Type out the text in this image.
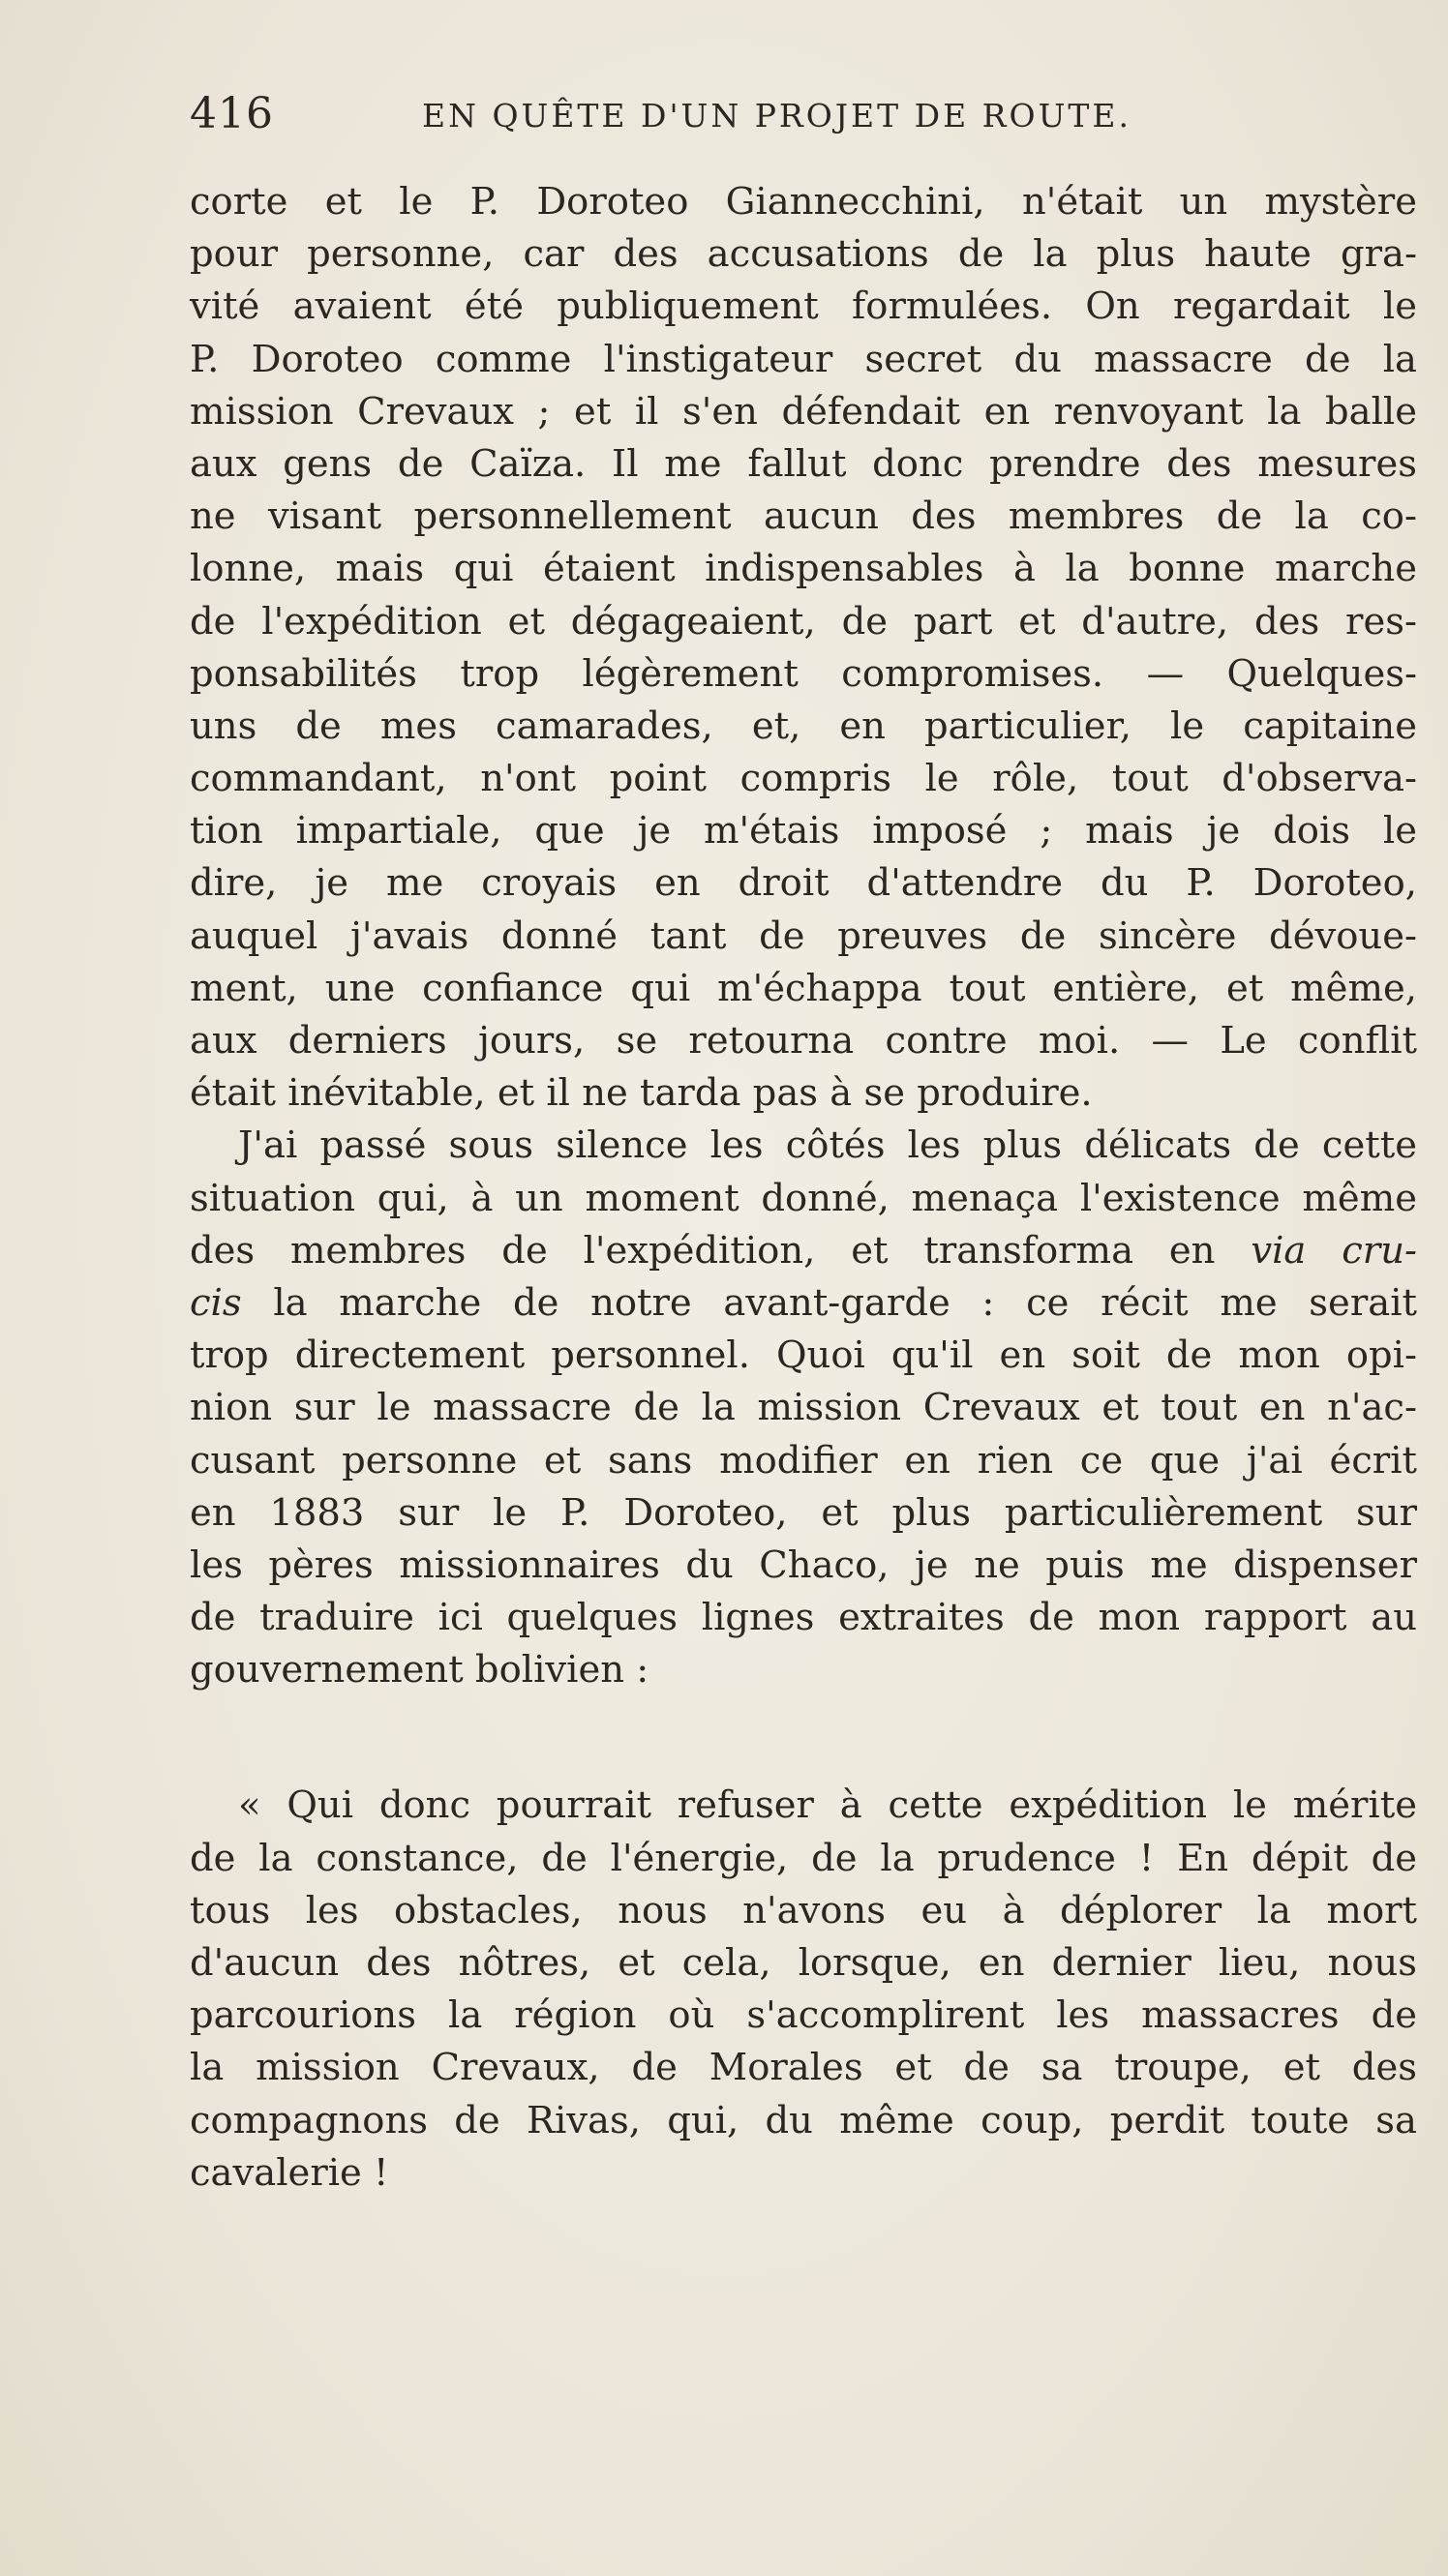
416	EN QUÊTE D'UN PROJET DE ROUTE.
corte et le P. Doroteo Giannecchini, n'était un mystère
pour personne, car des accusations de la plus haute gra-
vité avaient été publiquement formulées. On regardait le
P. Doroteo comme l'instigateur secret du massacre de la
mission Crevaux ; et il s'en défendait en renvoyant la balle
aux gens de Caïza. Il me fallut donc prendre des mesures
ne visant personnellement aucun des membres de la co-
lonne, mais qui étaient indispensables à la bonne marche
de l'expédition et dégageaient, de part et d'autre, des res-
ponsabilités trop légèrement compromises. — Quelques-
uns de mes camarades, et, en particulier, le capitaine
commandant, n'ont point compris le rôle, tout d'observa-
tion impartiale, que je m'étais imposé ; mais je dois le
dire, je me croyais en droit d'attendre du P. Doroteo,
auquel j'avais donné tant de preuves de sincère dévoue-
ment, une confiance qui m'échappa tout entière, et même,
aux derniers jours, se retourna contre moi. — Le conflit
était inévitable, et il ne tarda pas à se produire.
J'ai passé sous silence les côtés les plus délicats de cette
situation qui, à un moment donné, menaça l'existence même
des membres de l'expédition, et transforma en via cru-
cis la marche de notre avant-garde : ce récit me serait
trop directement personnel. Quoi qu'il en soit de mon opi-
nion sur le massacre de la mission Crevaux et tout en n'ac-
cusant personne et sans modifier en rien ce que j'ai écrit
en 1883 sur le P. Doroteo, et plus particulièrement sur
les pères missionnaires du Chaco, je ne puis me dispenser
de traduire ici quelques lignes extraites de mon rapport au
gouvernement bolivien :
« Qui donc pourrait refuser à cette expédition le mérite
de la constance, de l'énergie, de la prudence ! En dépit de
tous les obstacles, nous n'avons eu à déplorer la mort
d'aucun des nôtres, et cela, lorsque, en dernier lieu, nous
parcourions la région où s'accomplirent les massacres de
la mission Crevaux, de Morales et de sa troupe, et des
compagnons de Rivas, qui, du même coup, perdit toute sa
cavalerie !
